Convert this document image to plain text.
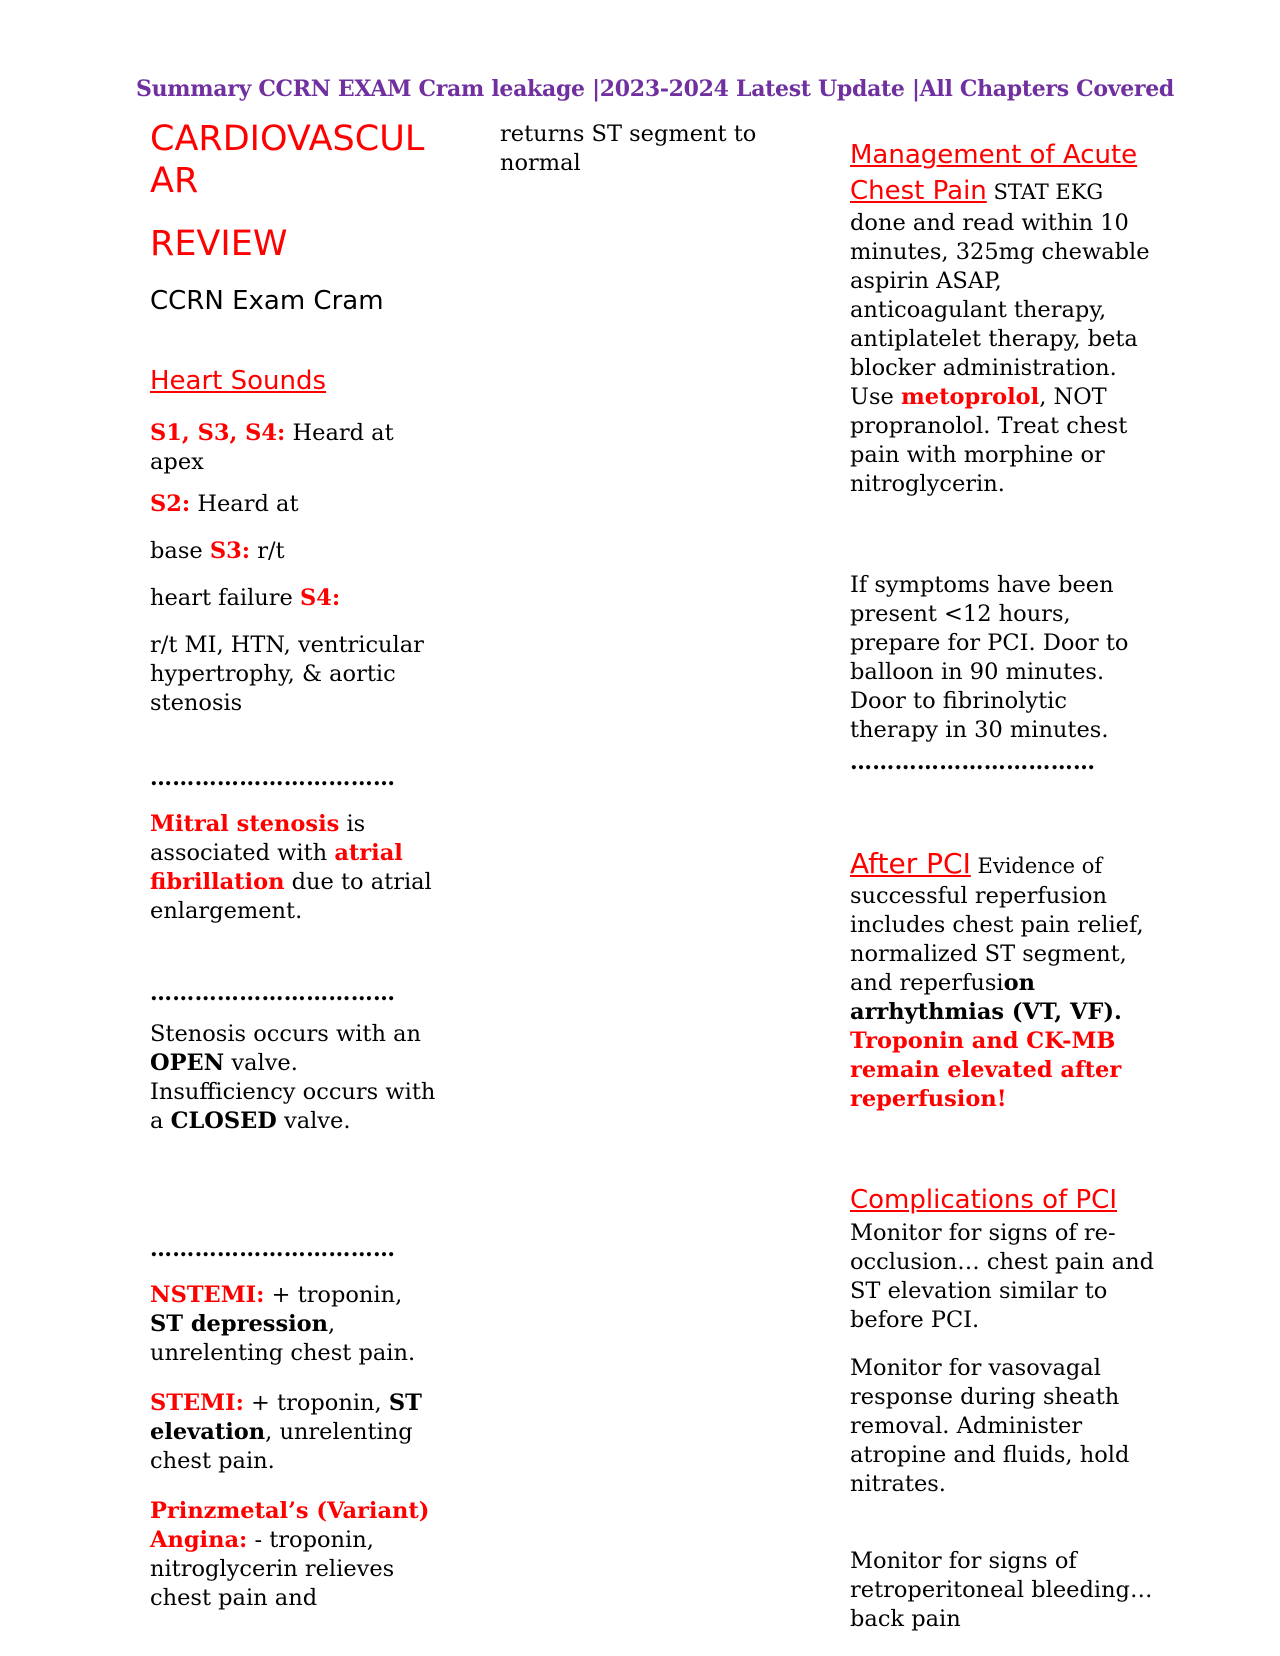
Summary CCRN EXAM Cram leakage |2023-2024 Latest Update |All Chapters Covered
CARDIOVASCUL
AR
REVIEW
CCRN Exam Cram
Heart Sounds

S1, S3, S4: Heard at apex

S2: Heard at

base S3: r/t

heart failure S4:

r/t MI, HTN, ventricular hypertrophy, & aortic stenosis

……………………………

Mitral stenosis is associated with atrial fibrillation due to atrial enlargement.

……………………………

Stenosis occurs with an
OPEN valve. Insufficiency occurs with a CLOSED valve.

……………………………

NSTEMI: + troponin, ST depression, unrelenting chest pain.

STEMI: + troponin, ST elevation, unrelenting chest pain.

Prinzmetal’s (Variant) Angina: - troponin, nitroglycerin relieves chest pain and

returns ST segment to normal	Management of Acute Chest Pain STAT EKG
done and read within 10 minutes, 325mg chewable aspirin ASAP, anticoagulant therapy, antiplatelet therapy, beta blocker administration. Use metoprolol, NOT propranolol. Treat chest pain with morphine or nitroglycerin.

If symptoms have been present <12 hours, prepare for PCI. Door to balloon in 90 minutes. Door to fibrinolytic therapy in 30 minutes.

……………………………

After PCI Evidence of
successful reperfusion includes chest pain relief, normalized ST segment, and reperfusion arrhythmias (VT, VF). Troponin and CK-MB remain elevated after reperfusion!

Complications of PCI

Monitor for signs of re-occlusion… chest pain and ST elevation similar to before PCI.

Monitor for vasovagal response during sheath removal. Administer atropine and fluids, hold nitrates.

Monitor for signs of retroperitoneal bleeding… back pain
